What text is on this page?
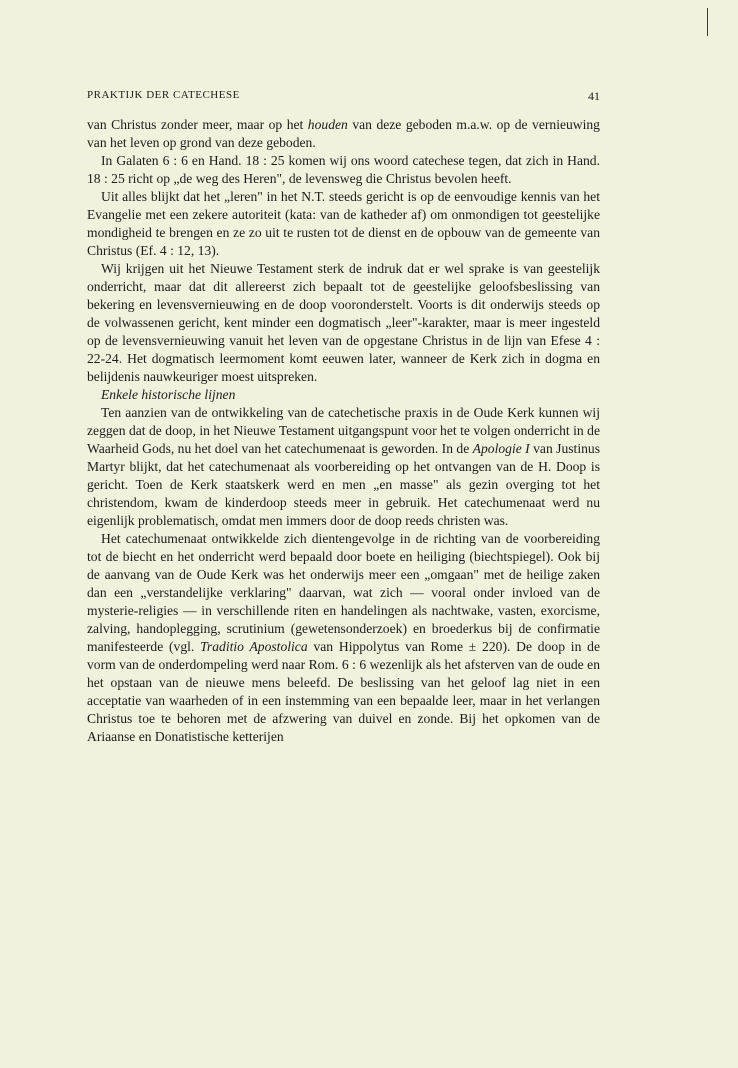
PRAKTIJK DER CATECHESE	41

van Christus zonder meer, maar op het houden van deze geboden m.a.w. op de vernieuwing van het leven op grond van deze geboden.

In Galaten 6 : 6 en Hand. 18 : 25 komen wij ons woord catechese tegen, dat zich in Hand. 18 : 25 richt op „de weg des Heren", de levensweg die Christus bevolen heeft.

Uit alles blijkt dat het „leren" in het N.T. steeds gericht is op de eenvoudige kennis van het Evangelie met een zekere autoriteit (kata: van de katheder af) om onmondigen tot geestelijke mondigheid te brengen en ze zo uit te rusten tot de dienst en de opbouw van de gemeente van Christus (Ef. 4 : 12, 13).

Wij krijgen uit het Nieuwe Testament sterk de indruk dat er wel sprake is van geestelijk onderricht, maar dat dit allereerst zich bepaalt tot de geestelijke geloofsbeslissing van bekering en levensvernieuwing en de doop vooronderstelt. Voorts is dit onderwijs steeds op de volwassenen gericht, kent minder een dogmatisch „leer"-karakter, maar is meer ingesteld op de levensvernieuwing vanuit het leven van de opgestane Christus in de lijn van Efese 4 : 22-24. Het dogmatisch leermoment komt eeuwen later, wanneer de Kerk zich in dogma en belijdenis nauwkeuriger moest uitspreken.

Enkele historische lijnen

Ten aanzien van de ontwikkeling van de catechetische praxis in de Oude Kerk kunnen wij zeggen dat de doop, in het Nieuwe Testament uitgangspunt voor het te volgen onderricht in de Waarheid Gods, nu het doel van het catechumenaat is geworden. In de Apologie I van Justinus Martyr blijkt, dat het catechumenaat als voorbereiding op het ontvangen van de H. Doop is gericht. Toen de Kerk staatskerk werd en men „en masse" als gezin overging tot het christendom, kwam de kinderdoop steeds meer in gebruik. Het catechumenaat werd nu eigenlijk problematisch, omdat men immers door de doop reeds christen was.

Het catechumenaat ontwikkelde zich dientengevolge in de richting van de voorbereiding tot de biecht en het onderricht werd bepaald door boete en heiliging (biechtspiegel). Ook bij de aanvang van de Oude Kerk was het onderwijs meer een „omgaan" met de heilige zaken dan een „verstandelijke verklaring" daarvan, wat zich — vooral onder invloed van de mysterie-religies — in verschillende riten en handelingen als nachtwake, vasten, exorcisme, zalving, handoplegging, scrutinium (gewetensonderzoek) en broederkus bij de confirmatie manifesteerde (vgl. Traditio Apostolica van Hippolytus van Rome ± 220). De doop in de vorm van de onderdompeling werd naar Rom. 6 : 6 wezenlijk als het afsterven van de oude en het opstaan van de nieuwe mens beleefd. De beslissing van het geloof lag niet in een acceptatie van waarheden of in een instemming van een bepaalde leer, maar in het verlangen Christus toe te behoren met de afzwering van duivel en zonde. Bij het opkomen van de Ariaanse en Donatistische ketterijen
